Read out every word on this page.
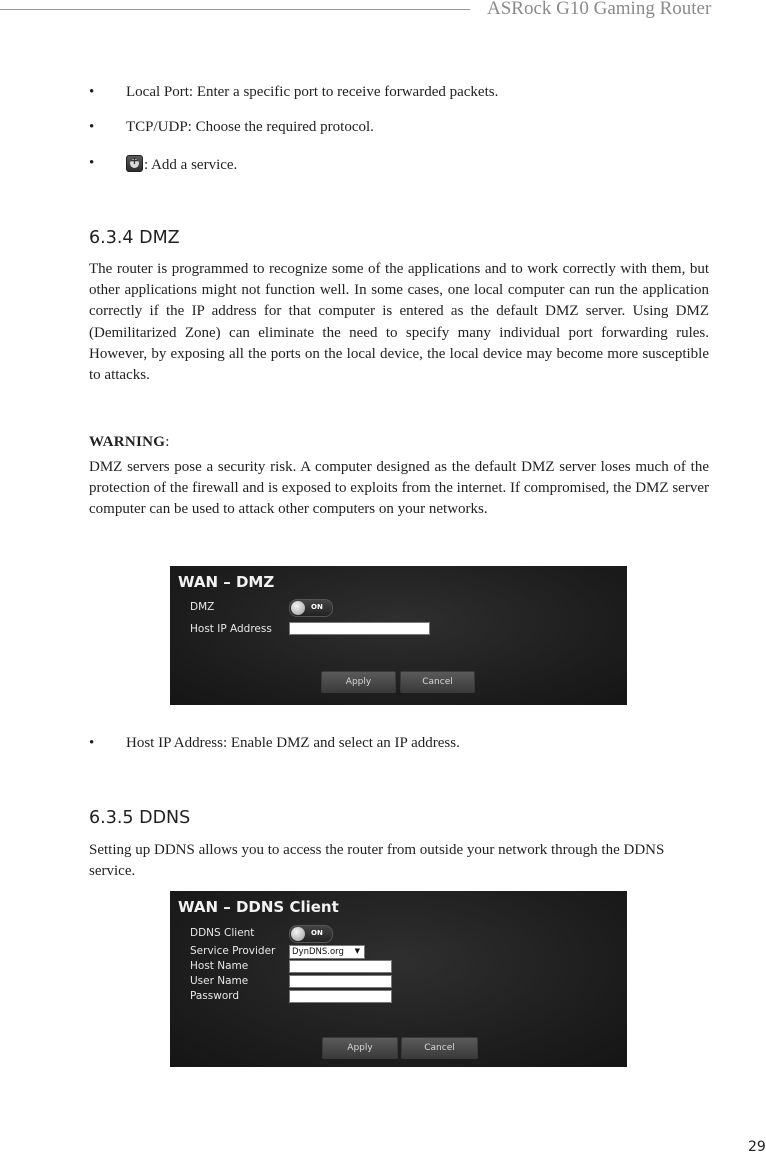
ASRock G10 Gaming Router
• Local Port: Enter a specific port to receive forwarded packets.
• TCP/UDP: Choose the required protocol.
•
+	: Add a service.
6.3.4 DMZ

The router is programmed to recognize some of the applications and to work correctly with them, but other applications might not function well. In some cases, one local computer can run the application correctly if the IP address for that computer is entered as the default DMZ server. Using DMZ (Demilitarized Zone) can eliminate the need to specify many individual port forwarding rules. However, by exposing all the ports on the local device, the local device may become more susceptible to attacks.

WARNING:

DMZ servers pose a security risk. A computer designed as the default DMZ server loses much of the protection of the firewall and is exposed to exploits from the internet. If compromised, the DMZ server computer can be used to attack other computers on your networks.

WAN – DMZ
DMZ	ON
Host IP Address
Apply	Cancel
• Host IP Address: Enable DMZ and select an IP address.
6.3.5 DDNS

Setting up DDNS allows you to access the router from outside your network through the DDNS service.

WAN – DDNS Client
DDNS Client	ON
Service Provider DynDNS.org ▼
Host Name
User Name
Password
Apply	Cancel
29
